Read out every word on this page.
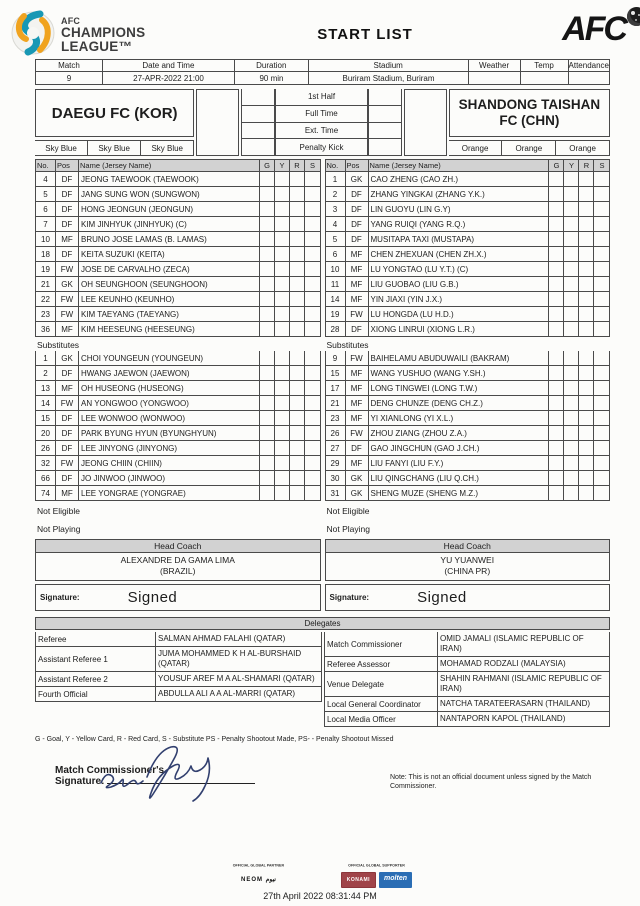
AFC
CHAMPIONS
LEAGUE™
START LIST	AFC
Match	Date and Time	Duration	Stadium	Weather	Temp	Attendance
9	27-APR-2022 21:00	90 min	Buriram Stadium, Buriram
DAEGU FC (KOR)
Sky Blue	Sky Blue	Sky Blue
1st Half
Full Time
Ext. Time
Penalty Kick
SHANDONG TAISHAN FC (CHN)
Orange	Orange	Orange
No.	Pos	Name (Jersey Name)	G	Y	R	S
4	DF	JEONG TAEWOOK (TAEWOOK)
5	DF	JANG SUNG WON (SUNGWON)
6	DF	HONG JEONGUN (JEONGUN)
7	DF	KIM JINHYUK (JINHYUK) (C)
10	MF	BRUNO JOSE LAMAS (B. LAMAS)
18	DF	KEITA SUZUKI (KEITA)
19	FW JOSE DE CARVALHO (ZECA)
21	GK	OH SEUNGHOON (SEUNGHOON)
22	FW LEE KEUNHO (KEUNHO)
23	FW KIM TAEYANG (TAEYANG)
36	MF	KIM HEESEUNG (HEESEUNG)
Substitutes
1	GK	CHOI YOUNGEUN (YOUNGEUN)
2	DF	HWANG JAEWON (JAEWON)
13	MF	OH HUSEONG (HUSEONG)
14	FW AN YONGWOO (YONGWOO)
15	DF	LEE WONWOO (WONWOO)
20	DF	PARK BYUNG HYUN (BYUNGHYUN)
26	DF	LEE JINYONG (JINYONG)
32	FW JEONG CHIIN (CHIIN)
66	DF	JO JINWOO (JINWOO)
74	MF	LEE YONGRAE (YONGRAE)
Not Eligible
Not Playing
No.	Pos	Name (Jersey Name)	G	Y	R	S
1	GK	CAO ZHENG (CAO ZH.)
2	DF	ZHANG YINGKAI (ZHANG Y.K.)
3	DF	LIN GUOYU (LIN G.Y)
4	DF	YANG RUIQI (YANG R.Q.)
5	DF	MUSITAPA TAXI (MUSTAPA)
6	MF	CHEN ZHEXUAN (CHEN ZH.X.)
10	MF	LU YONGTAO (LU Y.T.) (C)
11	MF	LIU GUOBAO (LIU G.B.)
14	MF	YIN JIAXI (YIN J.X.)
19	FW LU HONGDA (LU H.D.)
28	DF	XIONG LINRUI (XIONG L.R.)
Substitutes
9	FW BAIHELAMU ABUDUWAILI (BAKRAM)
15	MF	WANG YUSHUO (WANG Y.SH.)
17	MF	LONG TINGWEI (LONG T.W.)
21	MF	DENG CHUNZE (DENG CH.Z.)
23	MF	YI XIANLONG (YI X.L.)
26	FW ZHOU ZIANG (ZHOU Z.A.)
27	DF	GAO JINGCHUN (GAO J.CH.)
29	MF	LIU FANYI (LIU F.Y.)
30	GK	LIU QINGCHANG (LIU Q.CH.)
31	GK	SHENG MUZE (SHENG M.Z.)
Not Eligible
Not Playing
Head Coach
ALEXANDRE DA GAMA LIMA
(BRAZIL)
Signature:	Signed
Head Coach
YU YUANWEI
(CHINA PR)
Signature:	Signed
Delegates
Referee	SALMAN AHMAD FALAHI (QATAR)
Assistant Referee 1
JUMA MOHAMMED K H AL-BURSHAID (QATAR)
Assistant Referee 2	YOUSUF AREF M A AL-SHAMARI (QATAR)
Fourth Official	ABDULLA ALI A A AL-MARRI (QATAR)
Match Commissioner
OMID JAMALI (ISLAMIC REPUBLIC OF IRAN)
Referee Assessor	MOHAMAD RODZALI (MALAYSIA)
Venue Delegate
SHAHIN RAHMANI (ISLAMIC REPUBLIC OF IRAN)
Local General Coordinator	NATCHA TARATEERASARN (THAILAND)
Local Media Officer	NANTAPORN KAPOL (THAILAND)
G - Goal, Y - Yellow Card, R - Red Card, S - Substitute PS - Penalty Shootout Made, PS- - Penalty Shootout Missed
Match Commissioner's
Signature:	Note: This is not an official document unless signed by the Match Commissioner.
OFFICIAL GLOBAL PARTNER
NEOM نيوم
OFFICIAL GLOBAL SUPPORTER
KONAMI	molten
27th April 2022 08:31:44 PM
